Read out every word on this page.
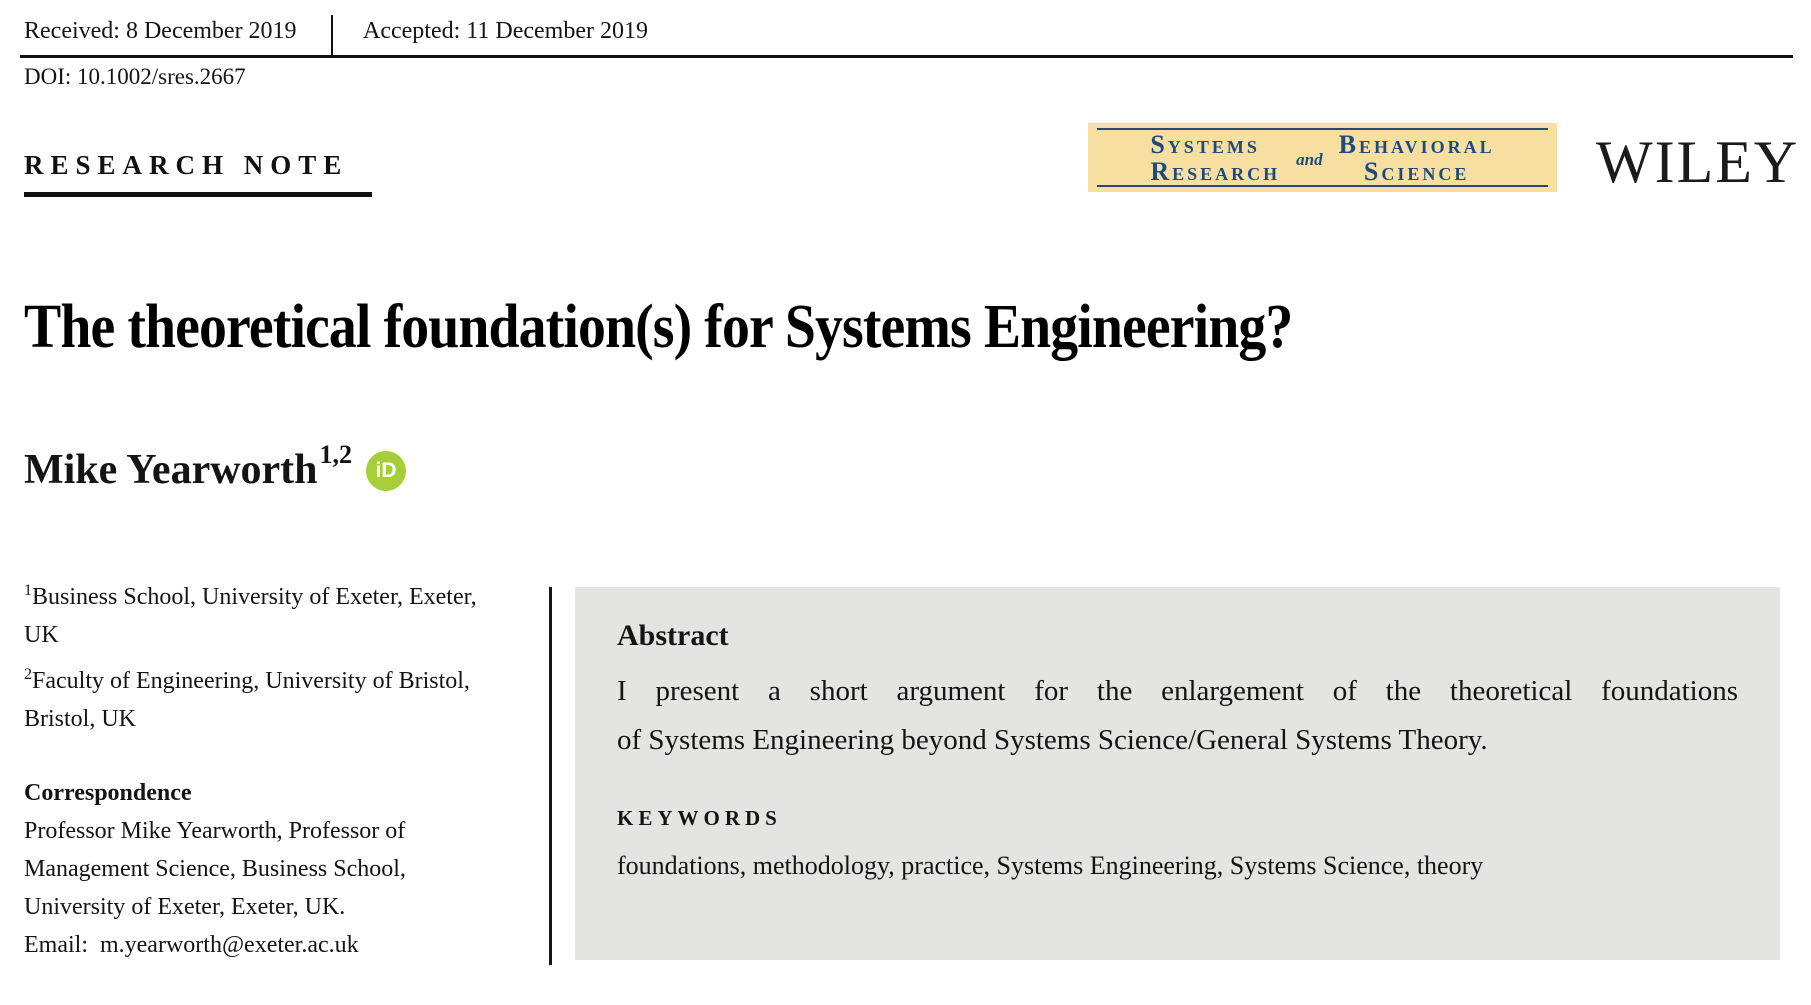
Received: 8 December 2019	Accepted: 11 December 2019
DOI: 10.1002/sres.2667
RESEARCH NOTE
Systems
Research and
Behavioral
Science WILEY
The theoretical foundation(s) for Systems Engineering?
Mike Yearworth 1,2
iD

$^1$Business School, University of Exeter, Exeter, UK

$^2$Faculty of Engineering, University of Bristol, Bristol, UK

Correspondence
Professor Mike Yearworth, Professor of Management Science, Business School, University of Exeter, Exeter, UK.
Email: m.yearworth@exeter.ac.uk
Abstract
I present a short argument for the enlargement of the theoretical foundations
of Systems Engineering beyond Systems Science/General Systems Theory.
KEYWORDS
foundations, methodology, practice, Systems Engineering, Systems Science, theory
